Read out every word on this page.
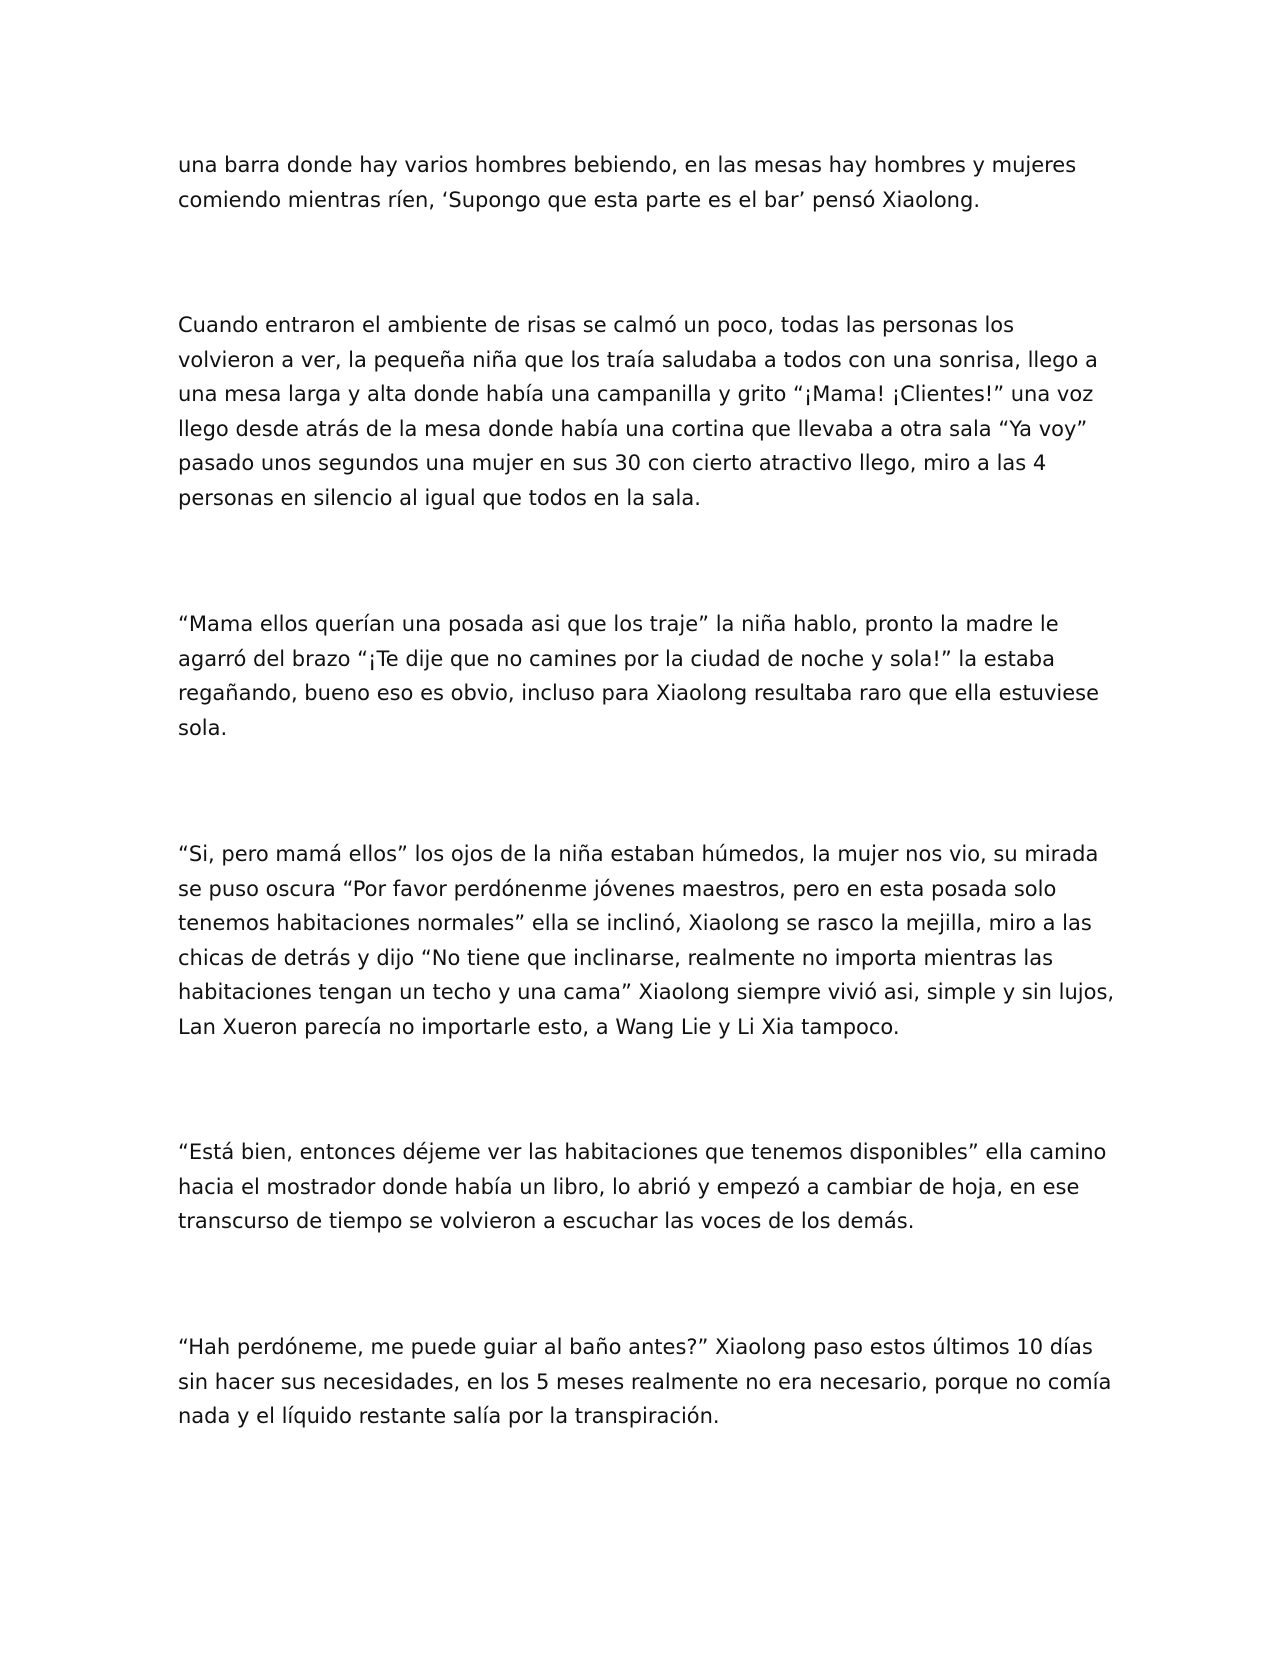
una barra donde hay varios hombres bebiendo, en las mesas hay hombres y mujeres
comiendo mientras ríen, ‘Supongo que esta parte es el bar’ pensó Xiaolong.

Cuando entraron el ambiente de risas se calmó un poco, todas las personas los
volvieron a ver, la pequeña niña que los traía saludaba a todos con una sonrisa, llego a
una mesa larga y alta donde había una campanilla y grito “¡Mama! ¡Clientes!” una voz
llego desde atrás de la mesa donde había una cortina que llevaba a otra sala “Ya voy”
pasado unos segundos una mujer en sus 30 con cierto atractivo llego, miro a las 4
personas en silencio al igual que todos en la sala.

“Mama ellos querían una posada asi que los traje” la niña hablo, pronto la madre le
agarró del brazo “¡Te dije que no camines por la ciudad de noche y sola!” la estaba
regañando, bueno eso es obvio, incluso para Xiaolong resultaba raro que ella estuviese
sola.

“Si, pero mamá ellos” los ojos de la niña estaban húmedos, la mujer nos vio, su mirada
se puso oscura “Por favor perdónenme jóvenes maestros, pero en esta posada solo
tenemos habitaciones normales” ella se inclinó, Xiaolong se rasco la mejilla, miro a las
chicas de detrás y dijo “No tiene que inclinarse, realmente no importa mientras las
habitaciones tengan un techo y una cama” Xiaolong siempre vivió asi, simple y sin lujos,
Lan Xueron parecía no importarle esto, a Wang Lie y Li Xia tampoco.

“Está bien, entonces déjeme ver las habitaciones que tenemos disponibles” ella camino
hacia el mostrador donde había un libro, lo abrió y empezó a cambiar de hoja, en ese
transcurso de tiempo se volvieron a escuchar las voces de los demás.

“Hah perdóneme, me puede guiar al baño antes?” Xiaolong paso estos últimos 10 días
sin hacer sus necesidades, en los 5 meses realmente no era necesario, porque no comía
nada y el líquido restante salía por la transpiración.
